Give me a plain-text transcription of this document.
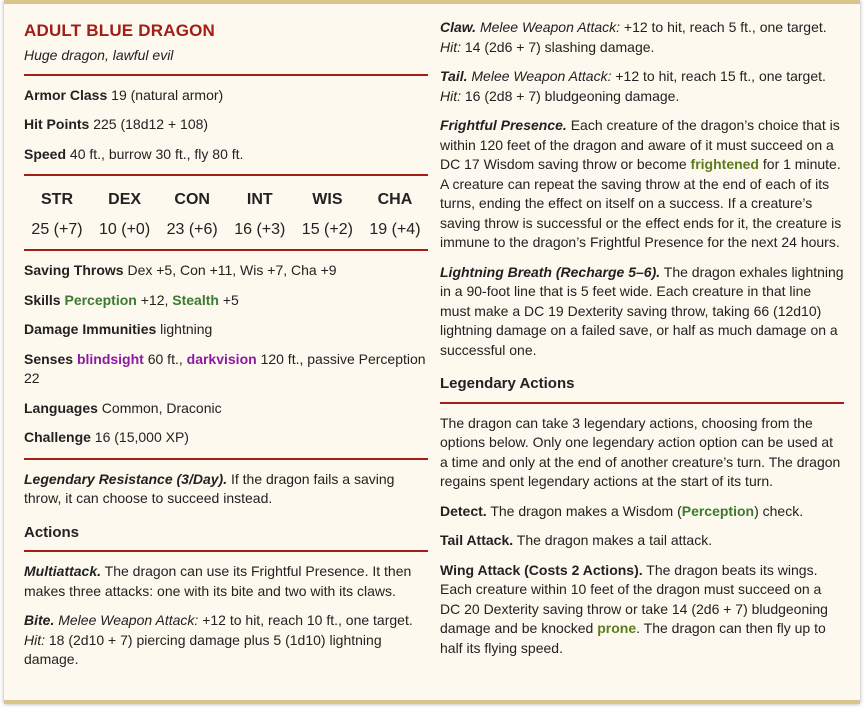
ADULT BLUE DRAGON
Huge dragon, lawful evil
Armor Class 19 (natural armor)
Hit Points 225 (18d12 + 108)
Speed 40 ft., burrow 30 ft., fly 80 ft.
STR
25 (+7)
DEX
10 (+0)
CON
23 (+6)
INT
16 (+3)
WIS
15 (+2)
CHA
19 (+4)
Saving Throws Dex +5, Con +11, Wis +7, Cha +9
Skills Perception +12, Stealth +5
Damage Immunities lightning
Senses blindsight 60 ft., darkvision 120 ft., passive Perception 22
Languages Common, Draconic
Challenge 16 (15,000 XP)
Legendary Resistance (3/Day). If the dragon fails a saving throw, it can choose to succeed instead.
Actions
Multiattack. The dragon can use its Frightful Presence. It then makes three attacks: one with its bite and two with its claws.
Bite. Melee Weapon Attack: +12 to hit, reach 10 ft., one target. Hit: 18 (2d10 + 7) piercing damage plus 5 (1d10) lightning damage.
Claw. Melee Weapon Attack: +12 to hit, reach 5 ft., one target. Hit: 14 (2d6 + 7) slashing damage.
Tail. Melee Weapon Attack: +12 to hit, reach 15 ft., one target. Hit: 16 (2d8 + 7) bludgeoning damage.
Frightful Presence. Each creature of the dragon’s choice that is within 120 feet of the dragon and aware of it must succeed on a DC 17 Wisdom saving throw or become frightened for 1 minute. A creature can repeat the saving throw at the end of each of its turns, ending the effect on itself on a success. If a creature’s saving throw is successful or the effect ends for it, the creature is immune to the dragon’s Frightful Presence for the next 24 hours.
Lightning Breath (Recharge 5–6). The dragon exhales lightning in a 90-foot line that is 5 feet wide. Each creature in that line must make a DC 19 Dexterity saving throw, taking 66 (12d10) lightning damage on a failed save, or half as much damage on a successful one.
Legendary Actions
The dragon can take 3 legendary actions, choosing from the options below. Only one legendary action option can be used at a time and only at the end of another creature’s turn. The dragon regains spent legendary actions at the start of its turn.
Detect. The dragon makes a Wisdom (Perception) check.
Tail Attack. The dragon makes a tail attack.
Wing Attack (Costs 2 Actions). The dragon beats its wings. Each creature within 10 feet of the dragon must succeed on a DC 20 Dexterity saving throw or take 14 (2d6 + 7) bludgeoning damage and be knocked prone. The dragon can then fly up to half its flying speed.
